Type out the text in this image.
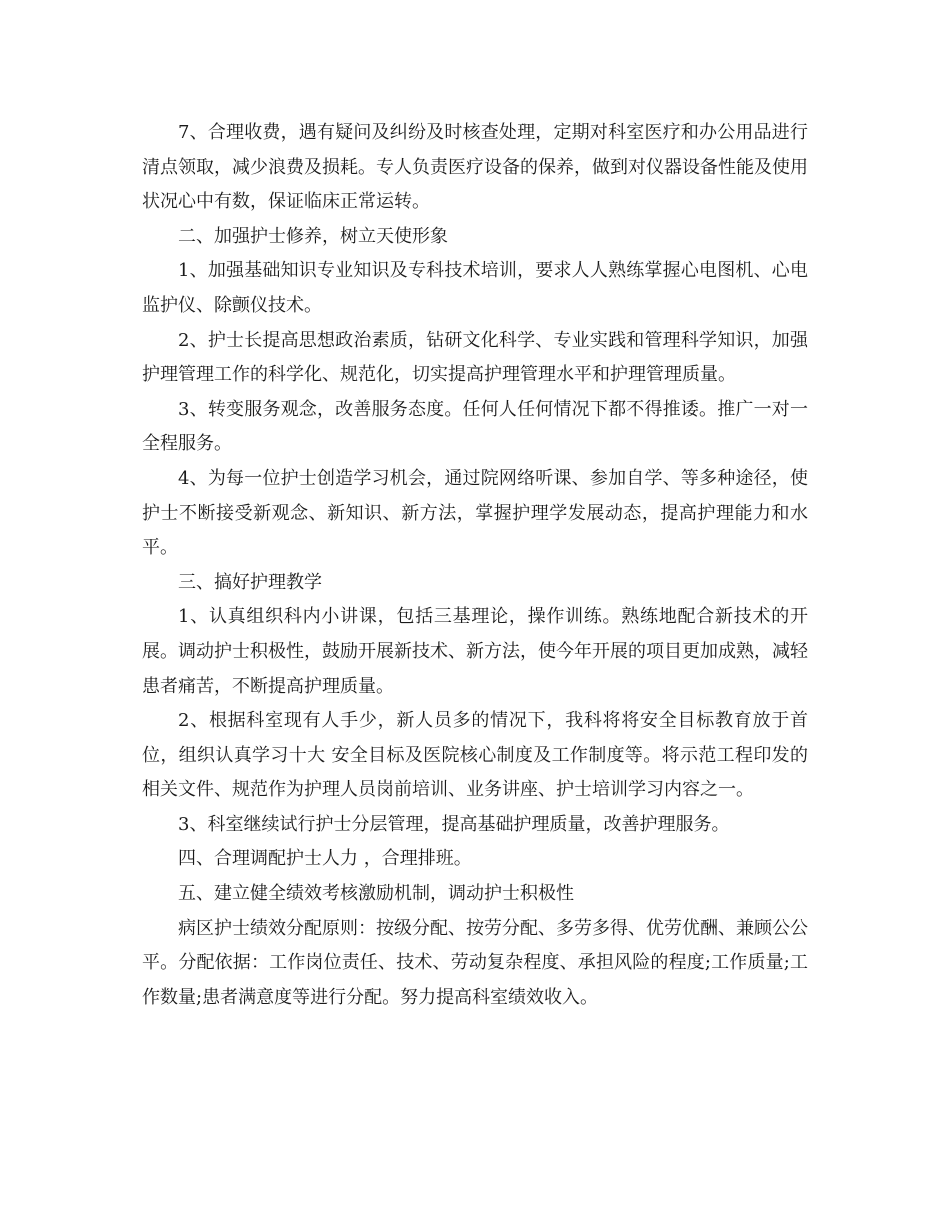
7、合理收费，遇有疑问及纠纷及时核查处理，定期对科室医疗和办公用品进行清点领取，减少浪费及损耗。专人负责医疗设备的保养，做到对仪器设备性能及使用状况心中有数，保证临床正常运转。

二、加强护士修养，树立天使形象

1、加强基础知识专业知识及专科技术培训，要求人人熟练掌握心电图机、心电监护仪、除颤仪技术。

2、护士长提高思想政治素质，钻研文化科学、专业实践和管理科学知识，加强护理管理工作的科学化、规范化，切实提高护理管理水平和护理管理质量。

3、转变服务观念，改善服务态度。任何人任何情况下都不得推诿。推广一对一全程服务。

4、为每一位护士创造学习机会，通过院网络听课、参加自学、等多种途径，使护士不断接受新观念、新知识、新方法，掌握护理学发展动态，提高护理能力和水平。

三、搞好护理教学

1、认真组织科内小讲课，包括三基理论，操作训练。熟练地配合新技术的开展。调动护士积极性，鼓励开展新技术、新方法，使今年开展的项目更加成熟，减轻患者痛苦，不断提高护理质量。

2、根据科室现有人手少，新人员多的情况下，我科将将安全目标教育放于首位，组织认真学习十大 安全目标及医院核心制度及工作制度等。将示范工程印发的相关文件、规范作为护理人员岗前培训、业务讲座、护士培训学习内容之一。

3、科室继续试行护士分层管理，提高基础护理质量，改善护理服务。

四、合理调配护士人力 ，合理排班。

五、建立健全绩效考核激励机制，调动护士积极性

病区护士绩效分配原则：按级分配、按劳分配、多劳多得、优劳优酬、兼顾公公平。分配依据：工作岗位责任、技术、劳动复杂程度、承担风险的程度;工作质量;工作数量;患者满意度等进行分配。努力提高科室绩效收入。
